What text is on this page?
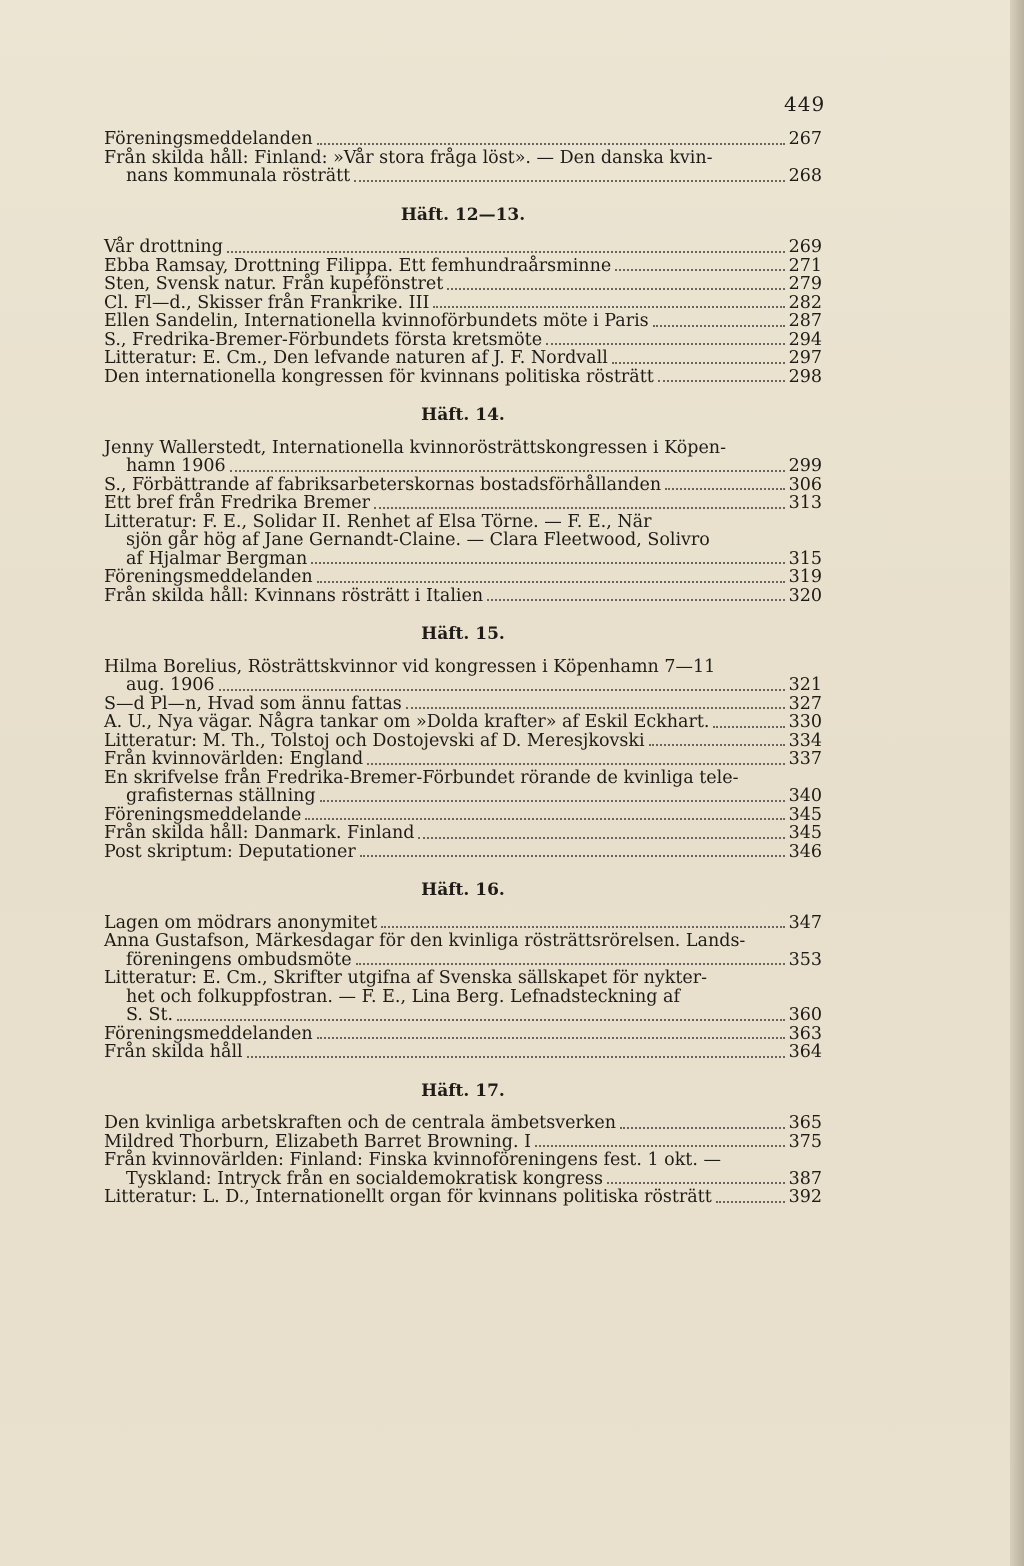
449
Föreningsmeddelanden	267
Från skilda håll: Finland: »Vår stora fråga löst». — Den danska kvin-
nans kommunala rösträtt	268
Häft. 12—13.
Vår drottning	269
Ebba Ramsay, Drottning Filippa. Ett femhundraårsminne	271
Sten, Svensk natur. Från kupéfönstret	279
Cl. Fl—d., Skisser från Frankrike. III	282
Ellen Sandelin, Internationella kvinnoförbundets möte i Paris	287
S., Fredrika-Bremer-Förbundets första kretsmöte	294
Litteratur: E. Cm., Den lefvande naturen af J. F. Nordvall	297
Den internationella kongressen för kvinnans politiska rösträtt	298
Häft. 14.
Jenny Wallerstedt, Internationella kvinnorösträttskongressen i Köpen-
hamn 1906	299
S., Förbättrande af fabriksarbeterskornas bostadsförhållanden	306
Ett bref från Fredrika Bremer	313
Litteratur: F. E., Solidar II. Renhet af Elsa Törne. — F. E., När
sjön går hög af Jane Gernandt-Claine. — Clara Fleetwood, Solivro
af Hjalmar Bergman	315
Föreningsmeddelanden	319
Från skilda håll: Kvinnans rösträtt i Italien	320
Häft. 15.
Hilma Borelius, Rösträttskvinnor vid kongressen i Köpenhamn 7—11
aug. 1906	321
S—d Pl—n, Hvad som ännu fattas	327
A. U., Nya vägar. Några tankar om »Dolda krafter» af Eskil Eckhart.	330
Litteratur: M. Th., Tolstoj och Dostojevski af D. Meresjkovski	334
Från kvinnovärlden: England	337
En skrifvelse från Fredrika-Bremer-Förbundet rörande de kvinliga tele-
grafisternas ställning	340
Föreningsmeddelande	345
Från skilda håll: Danmark. Finland	345
Post skriptum: Deputationer	346
Häft. 16.
Lagen om mödrars anonymitet	347
Anna Gustafson, Märkesdagar för den kvinliga rösträttsrörelsen. Lands-
föreningens ombudsmöte	353
Litteratur: E. Cm., Skrifter utgifna af Svenska sällskapet för nykter-
het och folkuppfostran. — F. E., Lina Berg. Lefnadsteckning af
S. St.	360
Föreningsmeddelanden	363
Från skilda håll	364
Häft. 17.
Den kvinliga arbetskraften och de centrala ämbetsverken	365
Mildred Thorburn, Elizabeth Barret Browning. I	375
Från kvinnovärlden: Finland: Finska kvinnoföreningens fest. 1 okt. —
Tyskland: Intryck från en socialdemokratisk kongress	387
Litteratur: L. D., Internationellt organ för kvinnans politiska rösträtt	392
